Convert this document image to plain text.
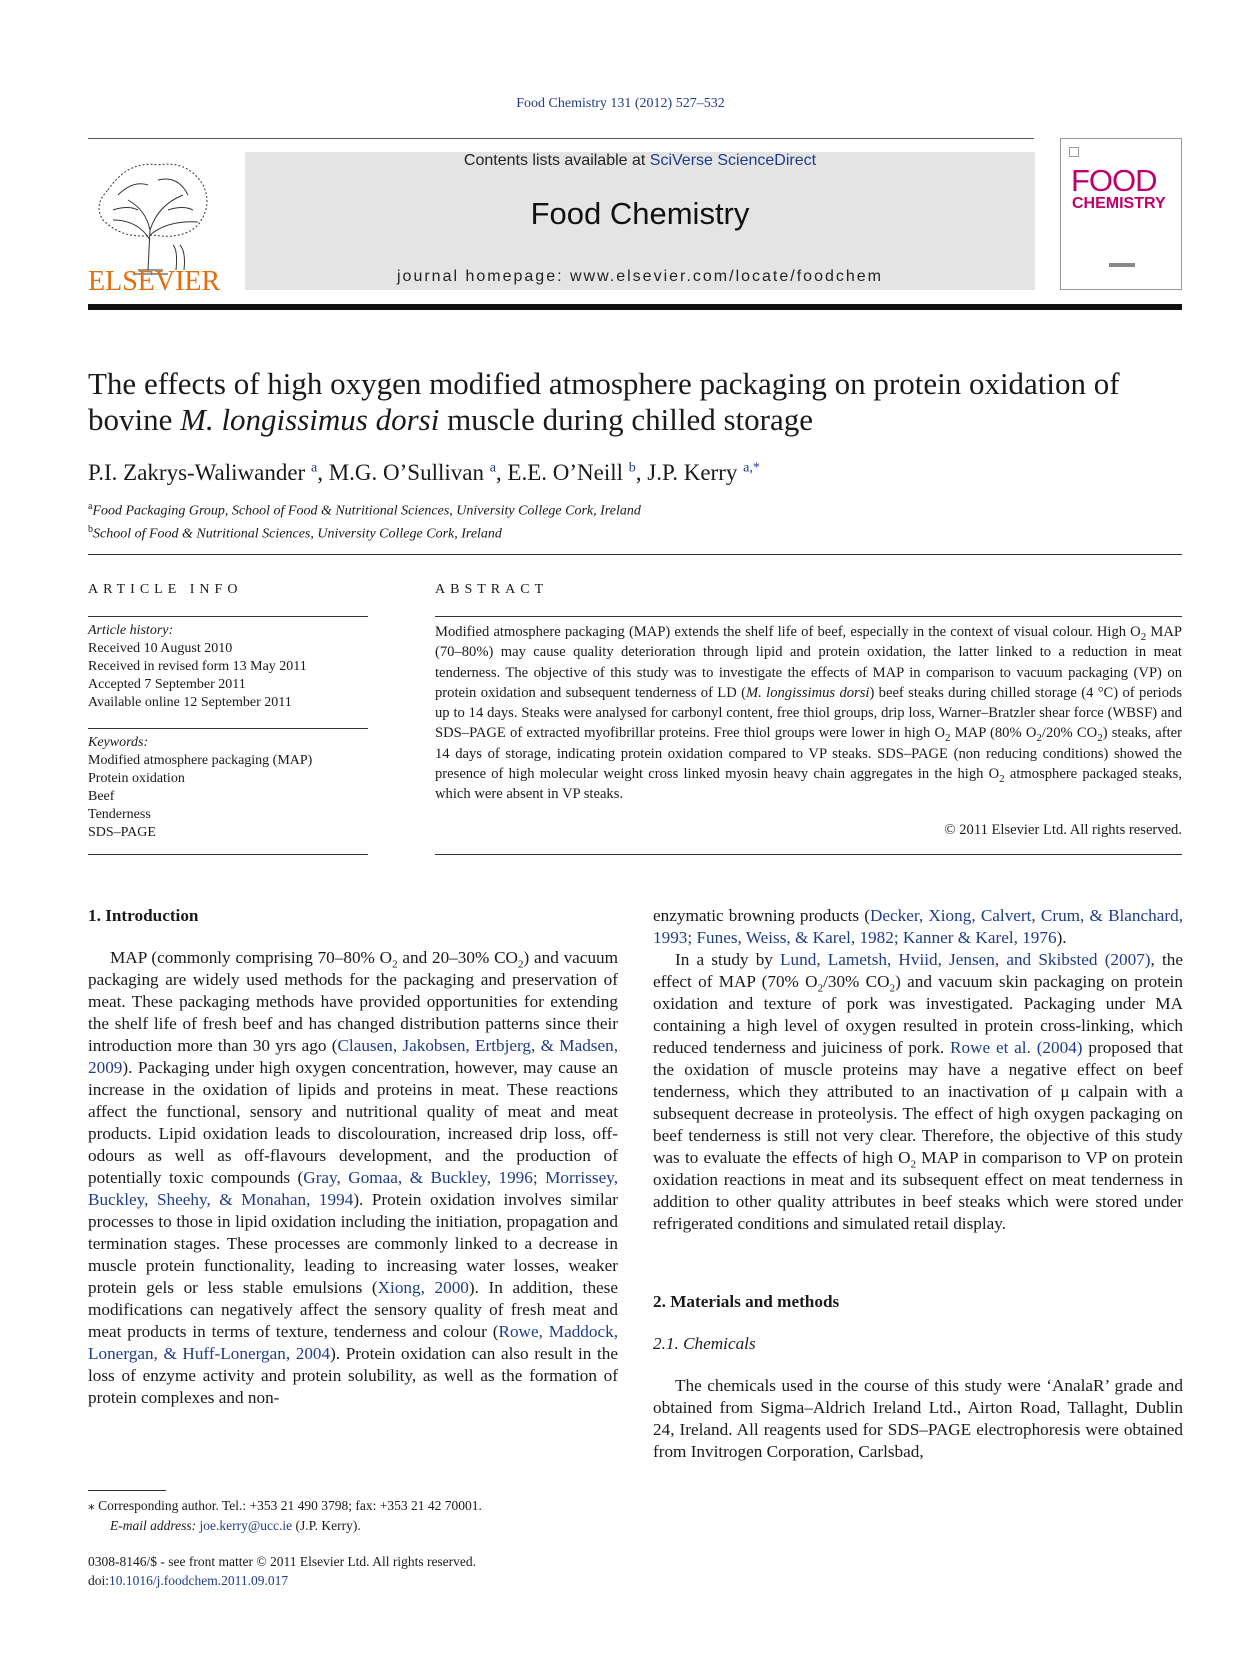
Food Chemistry 131 (2012) 527–532
ELSEVIER
Contents lists available at SciVerse ScienceDirect
Food Chemistry
journal homepage: www.elsevier.com/locate/foodchem
FOOD
CHEMISTRY
The effects of high oxygen modified atmosphere packaging on protein oxidation of bovine M. longissimus dorsi muscle during chilled storage
P.I. Zakrys-Waliwander $^a$, M.G. O’Sullivan $^a$, E.E. O’Neill $^b$, J.P. Kerry $^{a,*}$
$^a$Food Packaging Group, School of Food & Nutritional Sciences, University College Cork, Ireland
$^b$School of Food & Nutritional Sciences, University College Cork, Ireland
ARTICLE INFO
Article history:
Received 10 August 2010
Received in revised form 13 May 2011
Accepted 7 September 2011
Available online 12 September 2011
Keywords:
Modified atmosphere packaging (MAP)
Protein oxidation
Beef
Tenderness
SDS–PAGE
ABSTRACT
Modified atmosphere packaging (MAP) extends the shelf life of beef, especially in the context of visual colour. High $O_2$ MAP (70–80%) may cause quality deterioration through lipid and protein oxidation, the latter linked to a reduction in meat tenderness. The objective of this study was to investigate the effects of MAP in comparison to vacuum packaging (VP) on protein oxidation and subsequent tenderness of LD (M. longissimus dorsi) beef steaks during chilled storage (4 °C) of periods up to 14 days. Steaks were analysed for carbonyl content, free thiol groups, drip loss, Warner–Bratzler shear force (WBSF) and SDS–PAGE of extracted myofibrillar proteins. Free thiol groups were lower in high $O_2$ MAP (80% $O_2/20\%$ $CO_2$) steaks, after 14 days of storage, indicating protein oxidation compared to VP steaks. SDS–PAGE (non reducing conditions) showed the presence of high molecular weight cross linked myosin heavy chain aggregates in the high $O_2$ atmosphere packaged steaks, which were absent in VP steaks.
© 2011 Elsevier Ltd. All rights reserved.
1. Introduction

MAP (commonly comprising 70–80% $O_2$ and 20–30% $CO_2$) and vacuum packaging are widely used methods for the packaging and preservation of meat. These packaging methods have provided opportunities for extending the shelf life of fresh beef and has changed distribution patterns since their introduction more than 30 yrs ago (Clausen, Jakobsen, Ertbjerg, & Madsen, 2009). Packaging under high oxygen concentration, however, may cause an increase in the oxidation of lipids and proteins in meat. These reactions affect the functional, sensory and nutritional quality of meat and meat products. Lipid oxidation leads to discolouration, increased drip loss, off-odours as well as off-flavours development, and the production of potentially toxic compounds (Gray, Gomaa, & Buckley, 1996; Morrissey, Buckley, Sheehy, & Monahan, 1994). Protein oxidation involves similar processes to those in lipid oxidation including the initiation, propagation and termination stages. These processes are commonly linked to a decrease in muscle protein functionality, leading to increasing water losses, weaker protein gels or less stable emulsions (Xiong, 2000). In addition, these modifications can negatively affect the sensory quality of fresh meat and meat products in terms of texture, tenderness and colour (Rowe, Maddock, Lonergan, & Huff-Lonergan, 2004). Protein oxidation can also result in the loss of enzyme activity and protein solubility, as well as the formation of protein complexes and non-

enzymatic browning products (Decker, Xiong, Calvert, Crum, & Blanchard, 1993; Funes, Weiss, & Karel, 1982; Kanner & Karel, 1976).

In a study by Lund, Lametsh, Hviid, Jensen, and Skibsted (2007), the effect of MAP (70% $O_2/30\%$ $CO_2$) and vacuum skin packaging on protein oxidation and texture of pork was investigated. Packaging under MA containing a high level of oxygen resulted in protein cross-linking, which reduced tenderness and juiciness of pork. Rowe et al. (2004) proposed that the oxidation of muscle proteins may have a negative effect on beef tenderness, which they attributed to an inactivation of μ calpain with a subsequent decrease in proteolysis. The effect of high oxygen packaging on beef tenderness is still not very clear. Therefore, the objective of this study was to evaluate the effects of high $O_2$ MAP in comparison to VP on protein oxidation reactions in meat and its subsequent effect on meat tenderness in addition to other quality attributes in beef steaks which were stored under refrigerated conditions and simulated retail display.

2. Materials and methods
2.1. Chemicals

The chemicals used in the course of this study were ‘AnalaR’ grade and obtained from Sigma–Aldrich Ireland Ltd., Airton Road, Tallaght, Dublin 24, Ireland. All reagents used for SDS–PAGE electrophoresis were obtained from Invitrogen Corporation, Carlsbad,

⁎ Corresponding author. Tel.: +353 21 490 3798; fax: +353 21 42 70001.
E-mail address: joe.kerry@ucc.ie (J.P. Kerry).
0308-8146/$ - see front matter © 2011 Elsevier Ltd. All rights reserved.
doi:10.1016/j.foodchem.2011.09.017
